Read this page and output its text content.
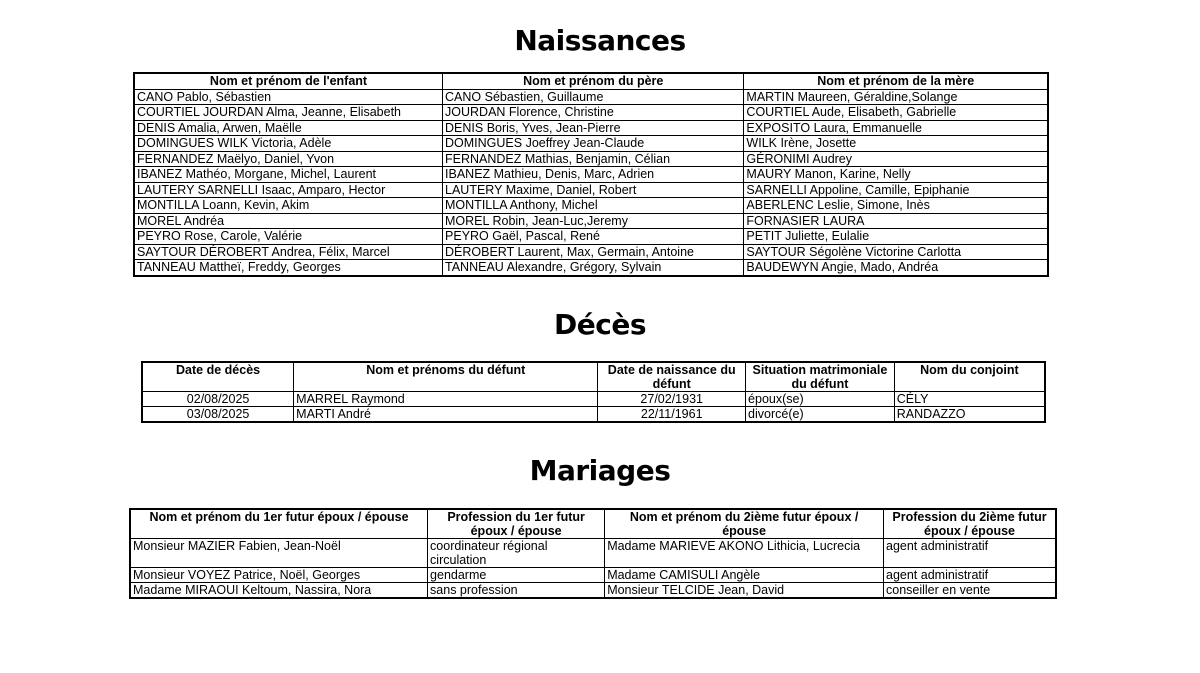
Naissances
Nom et prénom de l'enfant	Nom et prénom du père	Nom et prénom de la mère
CANO Pablo, Sébastien	CANO Sébastien, Guillaume	MARTIN Maureen, Géraldine,Solange
COURTIEL JOURDAN Alma, Jeanne, Elisabeth	JOURDAN Florence, Christine	COURTIEL Aude, Elisabeth, Gabrielle
DENIS Amalia, Arwen, Maëlle	DENIS Boris, Yves, Jean-Pierre	EXPOSITO Laura, Emmanuelle
DOMINGUES WILK Victoria, Adèle	DOMINGUES Joeffrey Jean-Claude	WILK Irène, Josette
FERNANDEZ Maëlyo, Daniel, Yvon	FERNANDEZ Mathias, Benjamin, Célian	GÉRONIMI Audrey
IBANEZ Mathéo, Morgane, Michel, Laurent	IBANEZ Mathieu, Denis, Marc, Adrien	MAURY Manon, Karine, Nelly
LAUTERY SARNELLI Isaac, Amparo, Hector	LAUTERY Maxime, Daniel, Robert	SARNELLI Appoline, Camille, Epiphanie
MONTILLA Loann, Kevin, Akim	MONTILLA Anthony, Michel	ABERLENC Leslie, Simone, Inès
MOREL Andréa	MOREL Robin, Jean-Luc,Jeremy	FORNASIER LAURA
PEYRO Rose, Carole, Valérie	PEYRO Gaël, Pascal, René	PETIT Juliette, Eulalie
SAYTOUR DÉROBERT Andrea, Félix, Marcel	DÉROBERT Laurent, Max, Germain, Antoine	SAYTOUR Ségolène Victorine Carlotta
TANNEAU Mattheï, Freddy, Georges	TANNEAU Alexandre, Grégory, Sylvain	BAUDEWYN Angie, Mado, Andréa
Décès
Date de décès	Nom et prénoms du défunt	Date de naissance du défunt	Situation matrimoniale du défunt	Nom du conjoint
02/08/2025	MARREL Raymond	27/02/1931	époux(se)	CÉLY
03/08/2025	MARTI André	22/11/1961	divorcé(e)	RANDAZZO
Mariages
Nom et prénom du 1er futur époux / épouse	Profession du 1er futur époux / épouse	Nom et prénom du 2ième futur époux / épouse	Profession du 2ième futur époux / épouse
Monsieur MAZIER Fabien, Jean-Noël	coordinateur régional circulation	Madame MARIEVE AKONO Lithicia, Lucrecia	agent administratif
Monsieur VOYEZ Patrice, Noël, Georges	gendarme	Madame CAMISULI Angèle	agent administratif
Madame MIRAOUI Keltoum, Nassira, Nora	sans profession	Monsieur TELCIDE Jean, David	conseiller en vente
